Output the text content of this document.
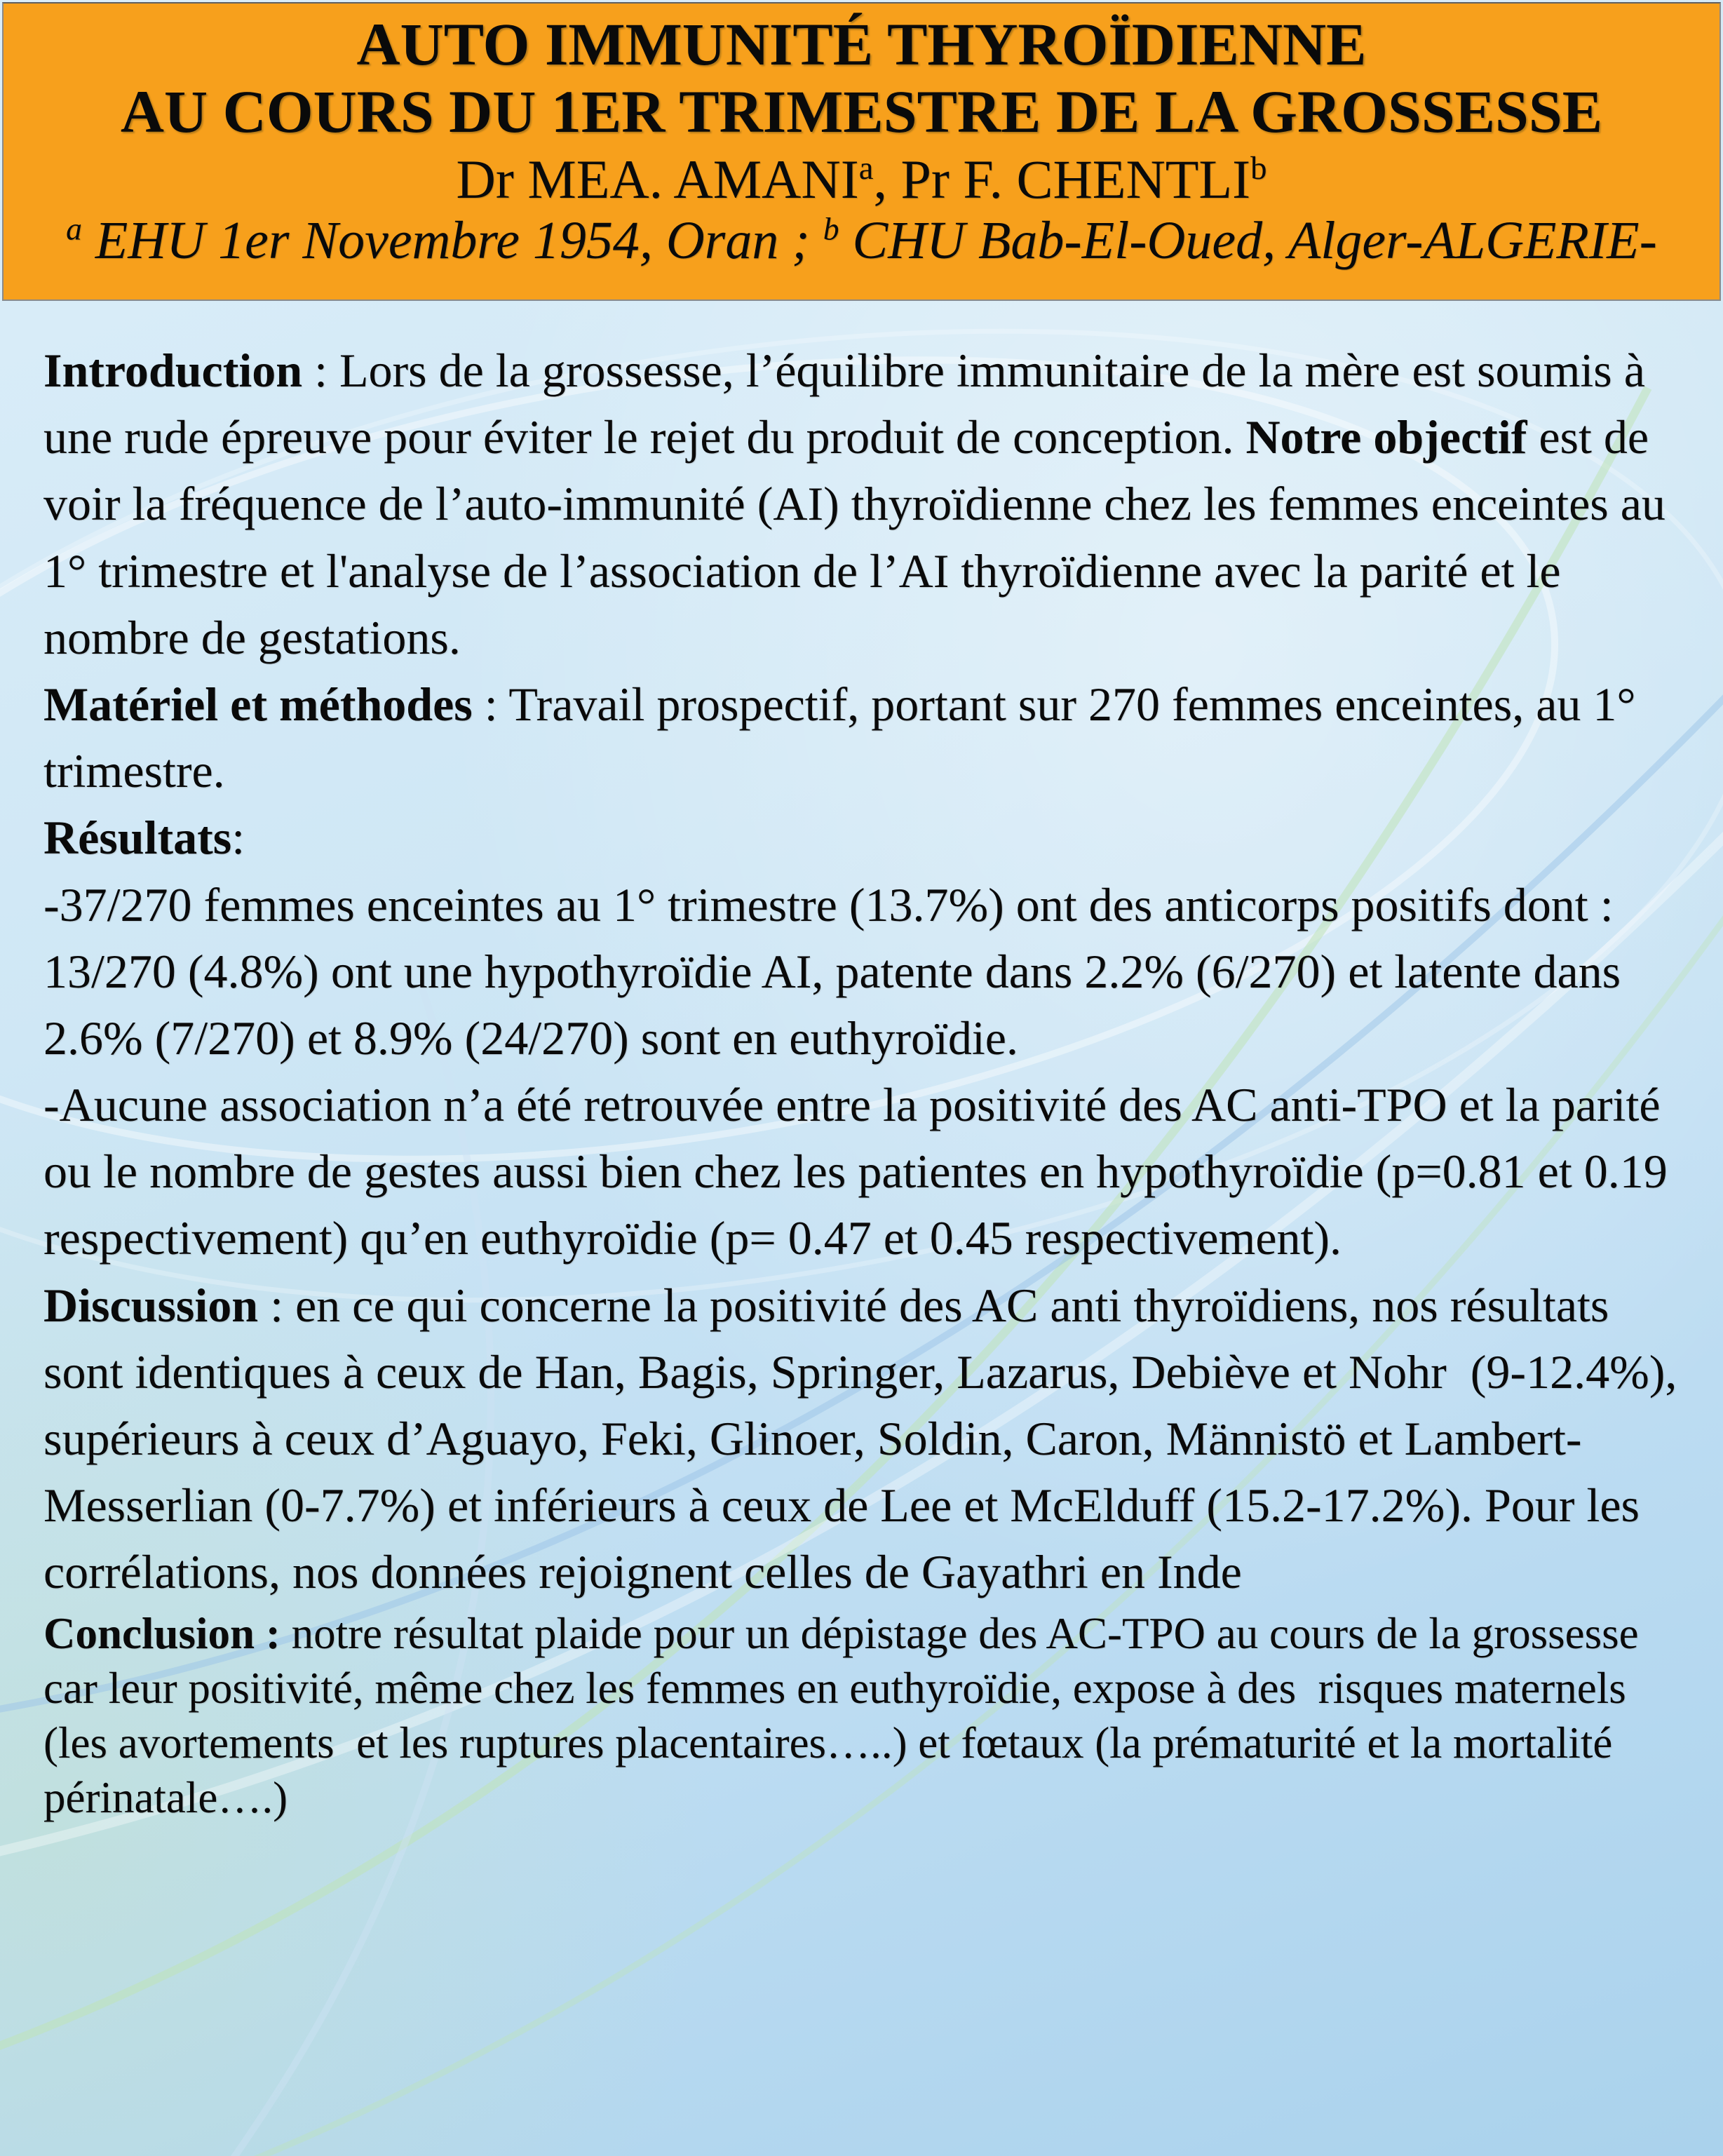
AUTO IMMUNITÉ THYROÏDIENNE
AU COURS DU 1ER TRIMESTRE DE LA GROSSESSE
Dr MEA. AMANI$^a$, Pr F. CHENTLI$^b$
$^a$ EHU 1er Novembre 1954, Oran ; $^b$ CHU Bab-El-Oued, Alger-ALGERIE-

Introduction : Lors de la grossesse, l’équilibre immunitaire de la mère est soumis à une rude épreuve pour éviter le rejet du produit de conception. Notre objectif est de voir la fréquence de l’auto-immunité (AI) thyroïdienne chez les femmes enceintes au 1° trimestre et l'analyse de l’association de l’AI thyroïdienne avec la parité et le nombre de gestations.

Matériel et méthodes : Travail prospectif, portant sur 270 femmes enceintes, au 1° trimestre.

Résultats:

-37/270 femmes enceintes au 1° trimestre (13.7%) ont des anticorps positifs dont : 13/270 (4.8%) ont une hypothyroïdie AI, patente dans 2.2% (6/270) et latente dans 2.6% (7/270) et 8.9% (24/270) sont en euthyroïdie.

-Aucune association n’a été retrouvée entre la positivité des AC anti-TPO et la parité ou le nombre de gestes aussi bien chez les patientes en hypothyroïdie (p=0.81 et 0.19 respectivement) qu’en euthyroïdie (p= 0.47 et 0.45 respectivement).

Discussion : en ce qui concerne la positivité des AC anti thyroïdiens, nos résultats sont identiques à ceux de Han, Bagis, Springer, Lazarus, Debiève et Nohr  (9-12.4%), supérieurs à ceux d’Aguayo, Feki, Glinoer, Soldin, Caron, Männistö et Lambert-Messerlian (0-7.7%) et inférieurs à ceux de Lee et McElduff (15.2-17.2%). Pour les corrélations, nos données rejoignent celles de Gayathri en Inde

Conclusion : notre résultat plaide pour un dépistage des AC-TPO au cours de la grossesse car leur positivité, même chez les femmes en euthyroïdie, expose à des  risques maternels (les avortements  et les ruptures placentaires…..) et fœtaux (la prématurité et la mortalité périnatale….)
